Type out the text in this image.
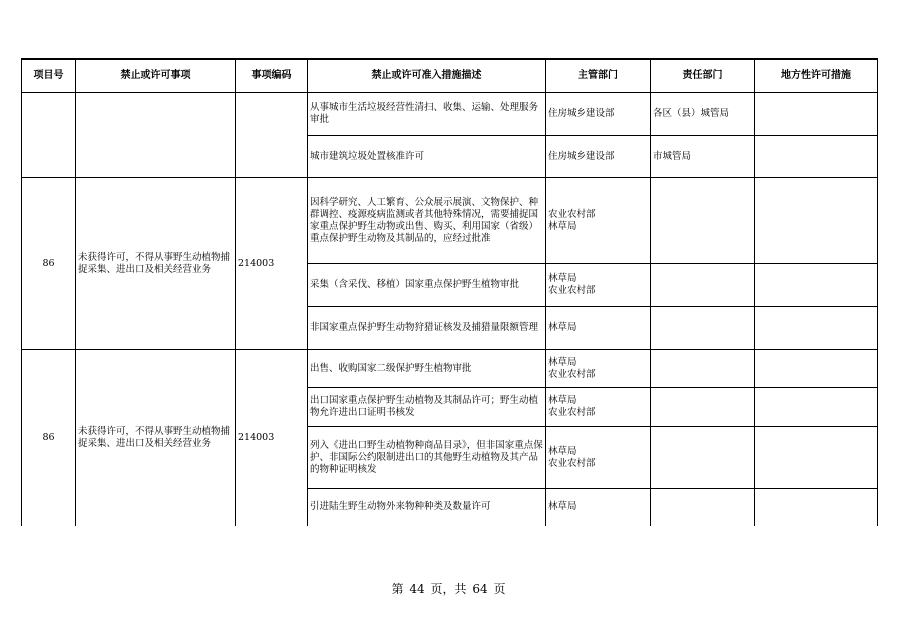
项目号	禁止或许可事项	事项编码	禁止或许可准入措施描述	主管部门	责任部门	地方性许可措施
			从事城市生活垃圾经营性清扫、收集、运输、处理服务审批	住房城乡建设部	各区（县）城管局	
			城市建筑垃圾处置核准许可	住房城乡建设部	市城管局	
86	未获得许可，不得从事野生动植物捕捉采集、进出口及相关经营业务	214003	因科学研究、人工繁育、公众展示展演、文物保护、种群调控、疫源疫病监测或者其他特殊情况，需要捕捉国家重点保护野生动物或出售、购买、利用国家（省级）重点保护野生动物及其制品的，应经过批准	农业农村部
林草局		
			采集（含采伐、移植）国家重点保护野生植物审批	林草局
农业农村部		
			非国家重点保护野生动物狩猎证核发及捕猎量限额管理	林草局		
86	未获得许可，不得从事野生动植物捕捉采集、进出口及相关经营业务	214003	出售、收购国家二级保护野生植物审批	林草局
农业农村部		
			出口国家重点保护野生动植物及其制品许可；野生动植物允许进出口证明书核发	林草局
农业农村部		
			列入《进出口野生动植物种商品目录》，但非国家重点保护、非国际公约限制进出口的其他野生动植物及其产品的物种证明核发	林草局
农业农村部		
			引进陆生野生动物外来物种种类及数量许可	林草局		
第 44 页，共 64 页
